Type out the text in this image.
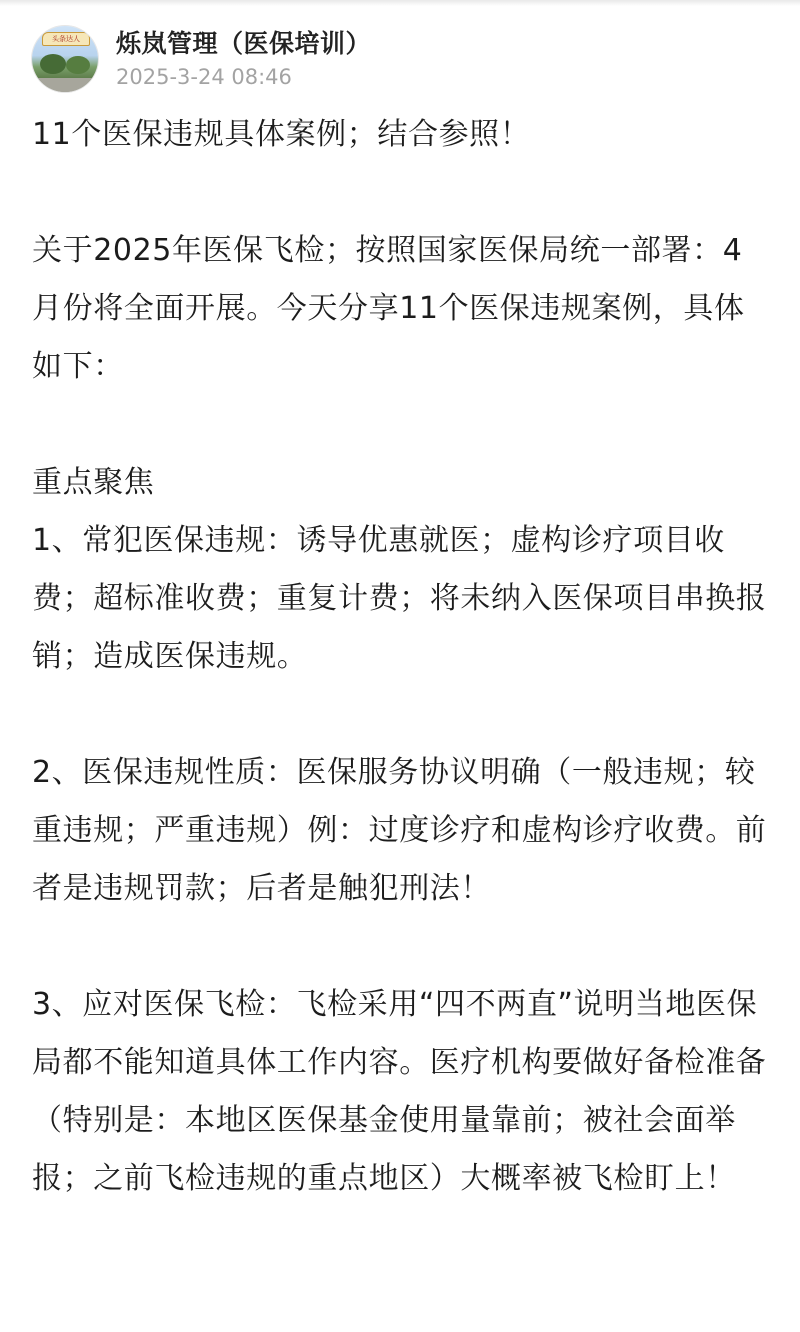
头条达人	烁岚管理（医保培训）
2025-3-24 08:46

11个医保违规具体案例；结合参照！

关于2025年医保飞检；按照国家医保局统一部署：4月份将全面开展。今天分享11个医保违规案例，具体如下：

重点聚焦

1、常犯医保违规：诱导优惠就医；虚构诊疗项目收费；超标准收费；重复计费；将未纳入医保项目串换报销；造成医保违规。

2、医保违规性质：医保服务协议明确（一般违规；较重违规；严重违规）例：过度诊疗和虚构诊疗收费。前者是违规罚款；后者是触犯刑法！

3、应对医保飞检：飞检采用“四不两直”说明当地医保局都不能知道具体工作内容。医疗机构要做好备检准备（特别是：本地区医保基金使用量靠前；被社会面举报；之前飞检违规的重点地区）大概率被飞检盯上！
